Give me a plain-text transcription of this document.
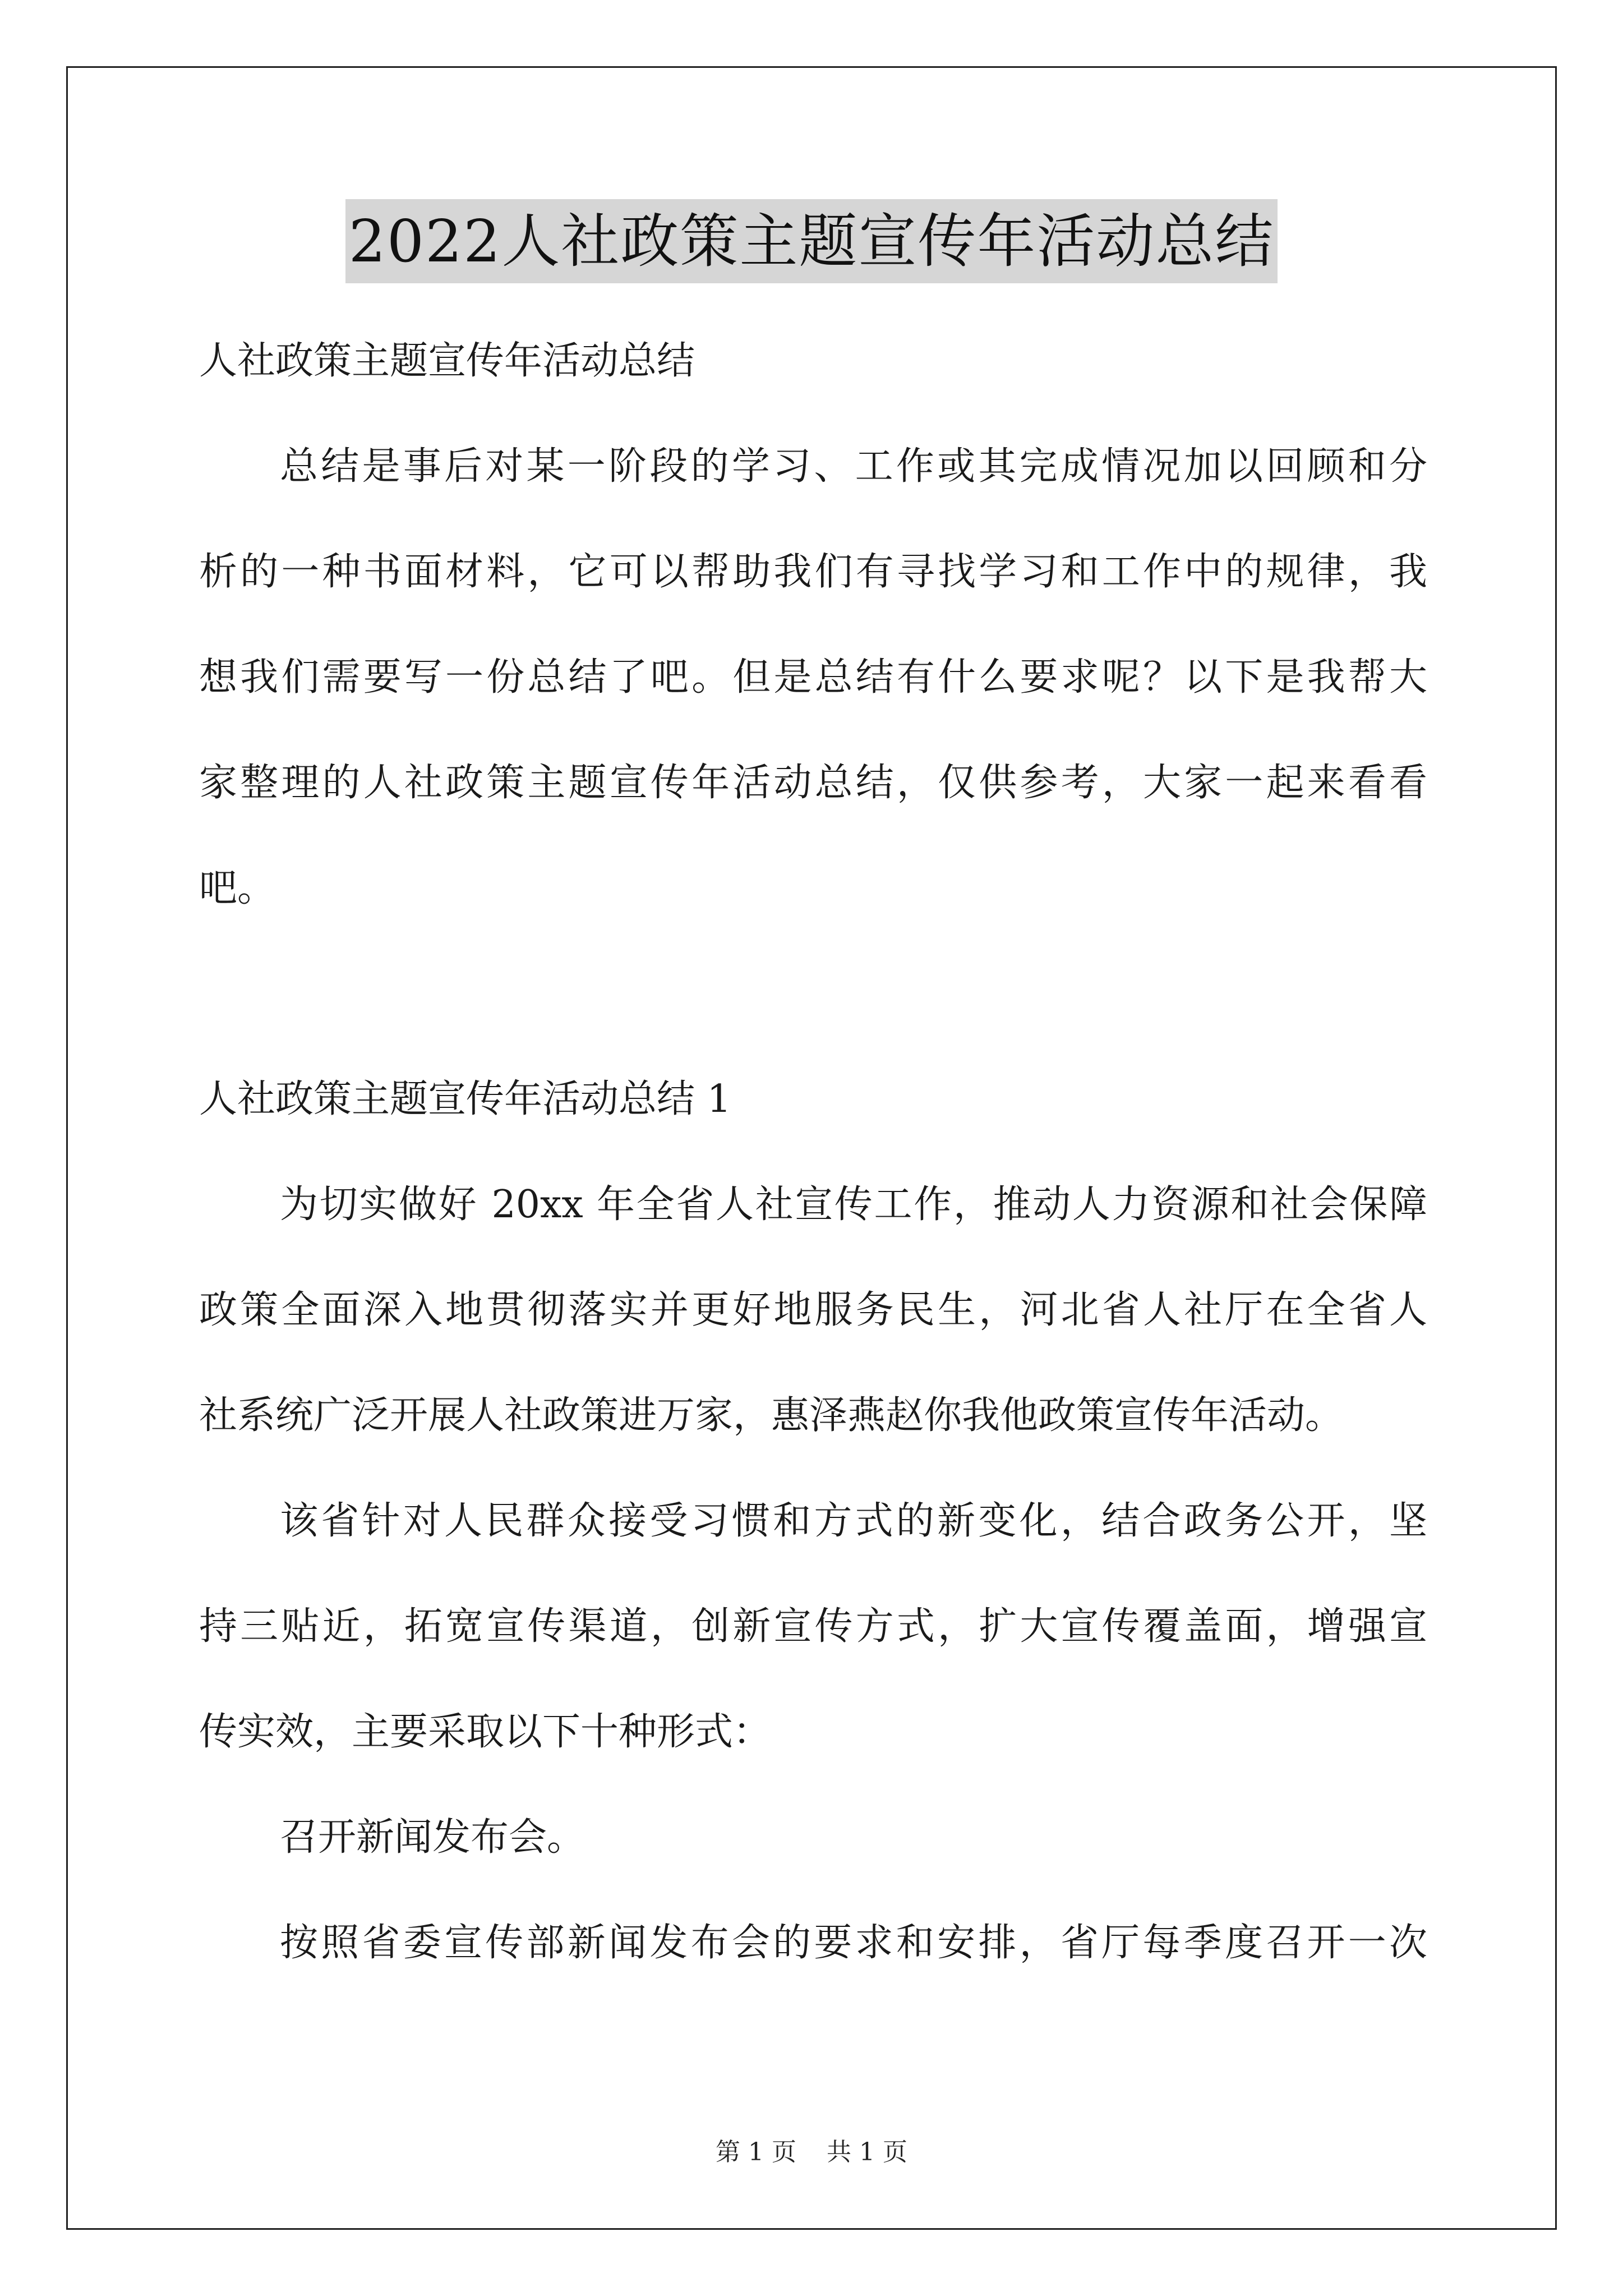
2022人社政策主题宣传年活动总结
人社政策主题宣传年活动总结
总结是事后对某一阶段的学习、工作或其完成情况加以回顾和分
析的一种书面材料，它可以帮助我们有寻找学习和工作中的规律，我
想我们需要写一份总结了吧。但是总结有什么要求呢？以下是我帮大
家整理的人社政策主题宣传年活动总结，仅供参考，大家一起来看看
吧。
人社政策主题宣传年活动总结 1
为切实做好 20xx 年全省人社宣传工作，推动人力资源和社会保障
政策全面深入地贯彻落实并更好地服务民生，河北省人社厅在全省人
社系统广泛开展人社政策进万家，惠泽燕赵你我他政策宣传年活动。
该省针对人民群众接受习惯和方式的新变化，结合政务公开，坚
持三贴近，拓宽宣传渠道，创新宣传方式，扩大宣传覆盖面，增强宣
传实效，主要采取以下十种形式：
召开新闻发布会。
按照省委宣传部新闻发布会的要求和安排，省厅每季度召开一次
第 1 页 共 1 页
